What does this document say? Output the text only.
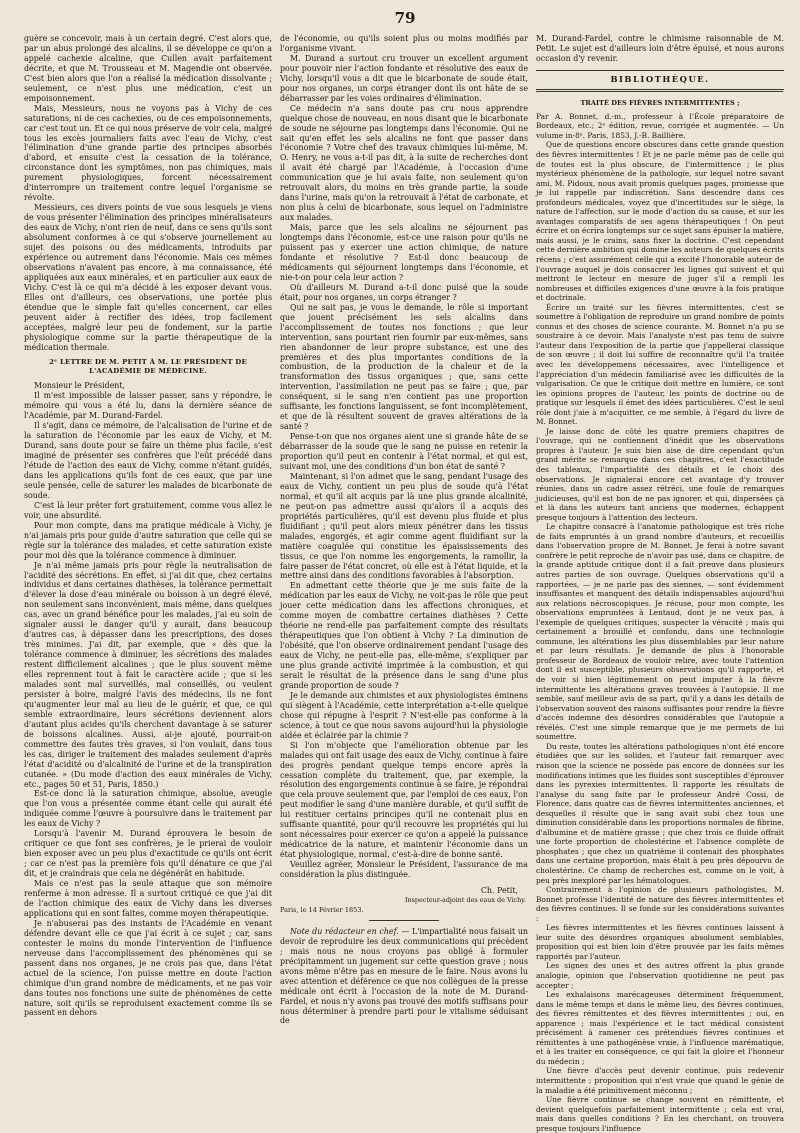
79

guère se concevoir, mais à un certain degré. C'est alors que, par un abus prolongé des alcalins, il se développe ce qu'on a appelé cachexie alcaline, que Cullen avait parfaitement décrite, et que M. Trousseau et M. Magendie ont observée. C'est bien alors que l'on a réalisé la médication dissolvante ; seulement, ce n'est plus une médication, c'est un empoisonnement.

Mais, Messieurs, nous ne voyons pas à Vichy de ces saturations, ni de ces cachexies, ou de ces empoisonnements, car c'est tout un. Et ce qui nous préserve de voir cela, malgré tous les excès journaliers faits avec l'eau de Vichy, c'est l'élimination d'une grande partie des principes absorbés d'abord, et ensuite c'est la cessation de la tolérance, circonstance dont les symptômes, non pas chimiques, mais purement physiologiques, forcent nécessairement d'interrompre un traitement contre lequel l'organisme se révolte.

Messieurs, ces divers points de vue sous lesquels je viens de vous présenter l'élimination des principes minéralisateurs des eaux de Vichy, n'ont rien de neuf, dans ce sens qu'ils sont absolument conformes à ce qui s'observe journellement au sujet des poisons ou des médicaments, introduits par expérience ou autrement dans l'économie. Mais ces mêmes observations n'avaient pas encore, à ma connaissance, été appliquées aux eaux minérales, et en particulier aux eaux de Vichy. C'est là ce qui m'a décidé à les exposer devant vous. Elles ont d'ailleurs, ces observations, une portée plus étendue que le simple fait qu'elles concernent, car elles peuvent aider à rectifier des idées, trop facilement acceptées, malgré leur peu de fondement, sur la partie physiologique comme sur la partie thérapeutique de la médication thermale.

2ᵉ LETTRE DE M. PETIT À M. LE PRÉSIDENT DE L'ACADÉMIE DE MÉDECINE.

Monsieur le Président,

Il m'est impossible de laisser passer, sans y répondre, le mémoire qui vous a été lu, dans la dernière séance de l'Académie, par M. Durand-Fardel.

Il s'agit, dans ce mémoire, de l'alcalisation de l'urine et de la saturation de l'économie par les eaux de Vichy, et M. Durand, sans doute pour se faire un thème plus facile, s'est imaginé de présenter ses confrères que l'eût précédé dans l'étude de l'action des eaux de Vichy, comme n'étant guidés, dans les applications qu'ils font de ces eaux, que par une seule pensée, celle de saturer les malades de bicarbonate de soude.

C'est là leur prêter fort gratuitement, comme vous allez le voir, une absurdité.

Pour mon compte, dans ma pratique médicale à Vichy, je n'ai jamais pris pour guide d'autre saturation que celle qui se règle sur la tolérance des malades, et cette saturation existe pour moi dès que la tolérance commence à diminuer.

Je n'ai même jamais pris pour règle la neutralisation de l'acidité des sécrétions. En effet, si j'ai dit que, chez certains individus et dans certaines diathèses, la tolérance permettait d'élever la dose d'eau minérale ou boisson à un degré élevé, non seulement sans inconvénient, mais même, dans quelques cas, avec un grand bénéfice pour les malades, j'ai eu soin de signaler aussi le danger qu'il y aurait, dans beaucoup d'autres cas, à dépasser dans les prescriptions, des doses très minimes. J'ai dit, par exemple, que « dès que la tolérance commence à diminuer, les sécrétions des malades restent difficilement alcalines ; que le plus souvent même elles reprennent tout à fait le caractère acide ; que si les malades sont mal surveillés, mal conseillés, ou veulent persister à boire, malgré l'avis des médecins, ils ne font qu'augmenter leur mal au lieu de le guérir, et que, ce qui semble extraordinaire, leurs sécrétions deviennent alors d'autant plus acides qu'ils cherchent davantage à se saturer de boissons alcalines. Aussi, ai-je ajouté, pourrait-on commettre des fautes très graves, si l'on voulait, dans tous les cas, diriger le traitement des malades seulement d'après l'état d'acidité ou d'alcalinité de l'urine et de la transpiration cutanée. » (Du mode d'action des eaux minérales de Vichy, etc., pages 50 et 51, Paris, 1850.)

Est-ce donc là la saturation chimique, absolue, aveugle que l'on vous a présentée comme étant celle qui aurait été indiquée comme l'œuvre à poursuivre dans le traitement par les eaux de Vichy ?

Lorsqu'à l'avenir M. Durand éprouvera le besoin de critiquer ce que font ses confrères, je le prierai de vouloir bien exposer avec un peu plus d'exactitude ce qu'ils ont écrit ; car ce n'est pas la première fois qu'il dénature ce que j'ai dit, et je craindrais que cela ne dégénérât en habitude.

Mais ce n'est pas la seule attaque que son mémoire renferme à mon adresse. Il a surtout critiqué ce que j'ai dit de l'action chimique des eaux de Vichy dans les diverses applications qui en sont faites, comme moyen thérapeutique.

Je n'abuserai pas des instants de l'Académie en venant défendre devant elle ce que j'ai écrit à ce sujet ; car, sans contester le moins du monde l'intervention de l'influence nerveuse dans l'accomplissement des phénomènes qui se passent dans nos organes, je ne crois pas que, dans l'état actuel de la science, l'on puisse mettre en doute l'action chimique d'un grand nombre de médicaments, et ne pas voir dans toutes nos fonctions une suite de phénomènes de cette nature, soit qu'ils se reproduisent exactement comme ils se passent en dehors

de l'économie, ou qu'ils soient plus ou moins modifiés par l'organisme vivant.

M. Durand a surtout cru trouver un excellent argument pour pouvoir nier l'action fondante et résolutive des eaux de Vichy, lorsqu'il vous a dit que le bicarbonate de soude était, pour nos organes, un corps étranger dont ils ont hâte de se débarrasser par les voies ordinaires d'élimination.

Ce médecin n'a sans doute pas cru nous apprendre quelque chose de nouveau, en nous disant que le bicarbonate de soude ne séjourne pas longtemps dans l'économie. Qui ne sait qu'en effet les sels alcalins ne font que passer dans l'économie ? Votre chef des travaux chimiques lui-même, M. O. Henry, ne vous a-t-il pas dit, à la suite de recherches dont il avait été chargé par l'Académie, à l'occasion d'une communication que je lui avais faite, non seulement qu'on retrouvait alors, du moins en très grande partie, la soude dans l'urine, mais qu'on la retrouvait à l'état de carbonate, et non plus à celui de bicarbonate, sous lequel on l'administre aux malades.

Mais, parce que les sels alcalins ne séjournent pas longtemps dans l'économie, est-ce une raison pour qu'ils ne puissent pas y exercer une action chimique, de nature fondante et résolutive ? Est-il donc beaucoup de médicaments qui séjournent longtemps dans l'économie, et nie-t-on pour cela leur action ?

Où d'ailleurs M. Durand a-t-il donc puisé que la soude était, pour nos organes, un corps étranger ?

Qui ne sait pas, je vous le demande, le rôle si important que jouent précisément les sels alcalins dans l'accomplissement de toutes nos fonctions ; que leur intervention, sans pourtant rien fournir par eux-mêmes, sans rien abandonner de leur propre substance, est une des premières et des plus importantes conditions de la combustion, de la production de la chaleur et de la transformation des tissus organiques ; que, sans cette intervention, l'assimilation ne peut pas se faire ; que, par conséquent, si le sang n'en contient pas une proportion suffisante, les fonctions languissent, se font incomplètement, et que de là résultent souvent de graves altérations de la santé ?

Pense-t-on que nos organes aient une si grande hâte de se débarrasser de la soude que le sang ne puisse en retenir la proportion qu'il peut en contenir à l'état normal, et qui est, suivant moi, une des conditions d'un bon état de santé ?

Maintenant, si l'on admet que le sang, pendant l'usage des eaux de Vichy, contient un peu plus de soude qu'à l'état normal, et qu'il ait acquis par là une plus grande alcalinité, ne peut-on pas admettre aussi qu'alors il a acquis des propriétés particulières, qu'il est devenu plus fluide et plus fluidifiant ; qu'il peut alors mieux pénétrer dans les tissus malades, engorgés, et agir comme agent fluidifiant sur la matière coagulée qui constitue les épaississements des tissus, ce que l'on nomme les engorgements, la ramollir, la faire passer de l'état concret, où elle est à l'état liquide, et la mettre ainsi dans des conditions favorables à l'absorption.

En admettant cette théorie que je me suis faite de la médication par les eaux de Vichy, ne voit-pas le rôle que peut jouer cette médication dans les affections chroniques, et comme moyen de combattre certaines diathèses ? Cette théorie ne rend-elle pas parfaitement compte des résultats thérapeutiques que l'on obtient à Vichy ? La diminution de l'obésité, que l'on observe ordinairement pendant l'usage des eaux de Vichy, ne peut-elle pas, elle-même, s'expliquer par une plus grande activité imprimée à la combustion, et qui serait le résultat de la présence dans le sang d'une plus grande proportion de soude ?

Je le demande aux chimistes et aux physiologistes éminens qui siègent à l'Académie, cette interprétation a-t-elle quelque chose qui répugne à l'esprit ? N'est-elle pas conforme à la science, à tout ce que nous savons aujourd'hui la physiologie aidée et éclairée par la chimie ?

Si l'on m'objecte que l'amélioration obtenue par les malades qui ont fait usage des eaux de Vichy, continue à faire des progrès pendant quelque temps encore après la cessation complète du traitement, que, par exemple, la résolution des engorgements continue à se faire, je répondrai que cela prouve seulement que, par l'emploi de ces eaux, l'on peut modifier le sang d'une manière durable, et qu'il suffit de lui restituer certains principes qu'il ne contenait plus en suffisante quantité, pour qu'il recouvre les propriétés qui lui sont nécessaires pour exercer ce qu'on a appelé la puissance médicatrice de la nature, et maintenir l'économie dans un état physiologique, normal, c'est-à-dire de bonne santé.

Veuillez agréer, Monsieur le Président, l'assurance de ma considération la plus distinguée.

Ch. Petit,
Inspecteur-adjoint des eaux de Vichy.

Paris, le 14 Février 1853.

Note du rédacteur en chef. — L'impartialité nous faisait un devoir de reproduire les deux communications qui précèdent ; mais nous ne nous croyons pas obligé à formuler précipitamment un jugement sur cette question grave ; nous avons même n'être pas en mesure de le faire. Nous avons lu avec attention et déférence ce que nos collègues de la presse médicale ont écrit à l'occasion de la note de M. Durand-Fardel, et nous n'y avons pas trouvé des motifs suffisans pour nous déterminer à prendre parti pour le vitalisme séduisant de

M. Durand-Fardel, contre le chimisme raisonnable de M. Petit. Le sujet est d'ailleurs loin d'être épuisé, et nous aurons occasion d'y revenir.

BIBLIOTHÈQUE.
TRAITÉ DES FIÈVRES INTERMITTENTES ;

Par A. Bonnet, d.-m., professeur à l'École préparatoire de Bordeaux, etc.; 2ᵉ édition, revue, corrigée et augmentée. — Un volume in-8ᵉ. Paris, 1853, J.-B. Baillière.

Que de questions encore obscures dans cette grande question des fièvres intermittentes ! Et je ne parle même pas de celle qui de toutes est la plus obscure, de l'intermittence ; le plus mystérieux phénomène de la pathologie, sur lequel notre savant ami, M. Pidoux, nous avait promis quelques pages, promesse que je lui rappelle par indiscrétion. Sans descendre dans ces profondeurs médicales, voyez que d'incertitudes sur le siège, la nature de l'affection, sur le mode d'action du sa cause, et sur les avantages comparatifs de ses agens thérapeutiques ! On peut écrire et on écrira longtemps sur ce sujet sans épuiser la matière, mais aussi, je le crains, sans fixer la doctrine. C'est cependant cette dernière ambition qui domine les auteurs de quelques écrits récens ; c'est assurément celle qui a excité l'honorable auteur de l'ouvrage auquel je dois consacrer les lignes qui suivent et qui mettront le lecteur en mesure de juger s'il a rempli les nombreuses et difficiles exigences d'une œuvre à la fois pratique et doctrinale.

Écrire un traité sur les fièvres intermittentes, c'est se soumettre à l'obligation de reproduire un grand nombre de points connus et des choses de science courante. M. Bonnet n'a pu se soustraire à ce devoir. Mais l'analyste n'est pas tenu de suivre l'auteur dans l'exposition de la partie que j'appellerai classique de son œuvre ; il doit lui suffire de reconnaître qu'il l'a traitée avec les développemens nécessaires, avec l'intelligence et l'appréciation d'un médecin familiarisé avec les difficultés de la vulgarisation. Ce que le critique doit mettre en lumière, ce sont les opinions propres de l'auteur, les points de doctrine ou de pratique sur lesquels il émet des idées particulières. C'est le seul rôle dont j'aie à m'acquitter, ce me semble, à l'égard du livre de M. Bonnet.

Je laisse donc de côté les quatre premiers chapitres de l'ouvrage, qui ne contiennent d'inédit que les observations propres à l'auteur. Je suis bien aise de dire cependant qu'un grand mérite se remarque dans ces chapitres, c'est l'exactitude des tableaux, l'impartialité des détails et le choix des observations. Je signalerai encore cet avantage d'y trouver réunies, dans un cadre assez rétréci, une foule de remarques judicieuses, qu'il est bon de ne pas ignorer, et qui, dispersées çà et là dans les auteurs tant anciens que modernes, échappent presque toujours à l'attention des lecteurs.

Le chapitre consacré à l'anatomie pathologique est très riche de faits empruntés à un grand nombre d'auteurs, et recueillis dans l'observation propre de M. Bonnet. Je ferai à notre savant confrère le petit reproche de n'avoir pas usé, dans ce chapitre, de la grande aptitude critique dont il a fait preuve dans plusieurs autres parties de son ouvrage. Quelques observations qu'il a rapportées, — je ne parle pas des siennes, — sont évidemment insuffisantes et manquent des détails indispensables aujourd'hui aux relations nécroscopiques. Je récuse, pour mon compte, les observations empruntées à Lentaud, dont je ne veux pas, à l'exemple de quelques critiques, suspecter la véracité ; mais qui certainement a brouillé et confondu, dans une technologie commune, les altérations les plus dissemblables par leur nature et par leurs résultats. Je demande de plus à l'honorable professeur de Bordeaux de vouloir relire, avec toute l'attention dont il est susceptible, plusieurs observations qu'il rapporte, et de voir si bien légitimement on peut imputer à la fièvre intermittente les altérations graves trouvées à l'autopsie. Il me semble, sauf meilleur avis de sa part, qu'il y a dans les détails de l'observation souvent des raisons suffisantes pour rendre la fièvre d'accès indemne des désordres considérables que l'autopsie a révélés. C'est une simple remarque que je me permets de lui soumettre.

Du reste, toutes les altérations pathologiques n'ont été encore étudiées que sur les solides, et l'auteur fait remarquer avec raison que la science ne possède pas encore de données sur les modifications intimes que les fluides sont susceptibles d'éprouver dans les pyrexies intermittentes. Il rapporte les résultats de l'analyse du sang faite par le professeur André Cossi, de Florence, dans quatre cas de fièvres intermittentes anciennes, et desquelles il résulte que le sang avait subi chez tous une diminution considérable dans les proportions normales de fibrine, d'albumine et de matière grasse ; que chez trois ce fluide offrait une forte proportion de cholestérine et l'absence complète de phosphates ; que chez un quatrième il contenait des phosphates dans une certaine proportion, mais était à peu près dépourvu de cholestérine. Ce champ de recherches est, comme on le voit, à peu près inexploré par les hématologues.

Contrairement à l'opinion de plusieurs pathologistes, M. Bonnet professe l'identité de nature des fièvres intermittentes et des fièvres continues. Il se fonde sur les considérations suivantes :

Les fièvres intermittentes et les fièvres continues laissent à leur suite des désordres organiques absolument semblables, proposition qui est bien loin d'être prouvée par les faits mêmes rapportés par l'auteur.

Les signes des unes et des autres offrent la plus grande analogie, opinion que l'observation quotidienne ne peut pas accepter ;

Les exhalaisons marécageuses déterminent fréquemment, dans le même temps et dans le même lieu, des fièvres continues, des fièvres rémittentes et des fièvres intermittentes ; oui, en apparence ; mais l'expérience et le tact médical consistent précisément à ramener ces prétendues fièvres continues et rémittentes à une pathogénèse vraie, à l'influence marématique, et à les traiter en conséquence, ce qui fait la gloire et l'honneur du médecin ;

Une fièvre d'accès peut devenir continue, puis redevenir intermittente ; proposition qui n'est vraie que quand le génie de la maladie a été primitivement méconnu ;

Une fièvre continue se change souvent en rémittente, et devient quelquefois parfaitement intermittente ; cela est vrai, mais dans quelles conditions ? En les cherchant, on trouvera presque toujours l'influence
